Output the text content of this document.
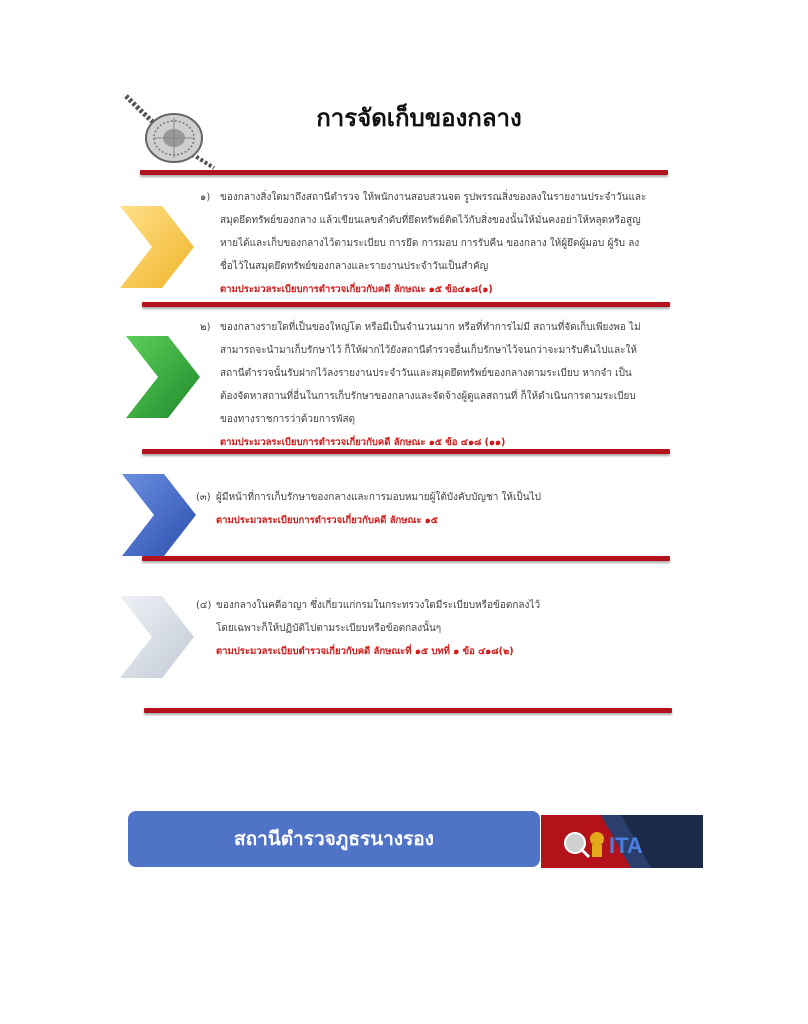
การจัดเก็บของกลาง
๑) ของกลางสิ่งใดมาถึงสถานีตำรวจ ให้พนักงานสอบสวนจด รูปพรรณสิ่งของลงในรายงานประจำวันและ
สมุดยึดทรัพย์ของกลาง แล้วเขียนเลขลำดับที่ยึดทรัพย์ติดไว้กับสิ่งของนั้นให้มั่นคงอย่าให้หลุดหรือสูญ
หายได้และเก็บของกลางไว้ตามระเบียบ การยึด การมอบ การรับคืน ของกลาง ให้ผู้ยึดผู้มอบ ผู้รับ ลง
ชื่อไว้ในสมุดยึดทรัพย์ของกลางและรายงานประจำวันเป็นสำคัญ
ตามประมวลระเบียบการตำรวจเกี่ยวกับคดี ลักษณะ ๑๕ ข้อ๔๑๘(๑)
๒) ของกลางรายใดที่เป็นของใหญ่โต หรือมีเป็นจำนวนมาก หรือที่ทำการไม่มี สถานที่จัดเก็บเพียงพอ ไม่
สามารถจะนำมาเก็บรักษาไว้ ก็ให้ฝากไว้ยังสถานีตำรวจอื่นเก็บรักษาไว้จนกว่าจะมารับคืนไปและให้
สถานีตำรวจนั้นรับฝากไว้ลงรายงานประจำวันและสมุดยึดทรัพย์ของกลางตามระเบียบ หากจำ เป็น
ต้องจัดหาสถานที่อื่นในการเก็บรักษาของกลางและจัดจ้างผู้ดูแลสถานที่ ก็ให้ดำเนินการตามระเบียบ
ของทางราชการว่าด้วยการพัสดุ
ตามประมวลระเบียบการตำรวจเกี่ยวกับคดี ลักษณะ ๑๕ ข้อ ๔๑๘ (๑๑)
(๓) ผู้มีหน้าที่การเก็บรักษาของกลางและการมอบหมายผู้ใต้บังคับบัญชา ให้เป็นไป
ตามประมวลระเบียบการตำรวจเกี่ยวกับคดี ลักษณะ ๑๕
(๔) ของกลางในคดีอาญา ซึ่งเกี่ยวแก่กรมในกระทรวงใดมีระเบียบหรือข้อตกลงไว้
โดยเฉพาะก็ให้ปฏิบัติไปตามระเบียบหรือข้อตกลงนั้นๆ
ตามประมวลระเบียบตำรวจเกี่ยวกับคดี ลักษณะที่ ๑๕ บทที่ ๑ ข้อ ๔๑๘(๒)
สถานีตำรวจภูธรนางรอง	ITA
